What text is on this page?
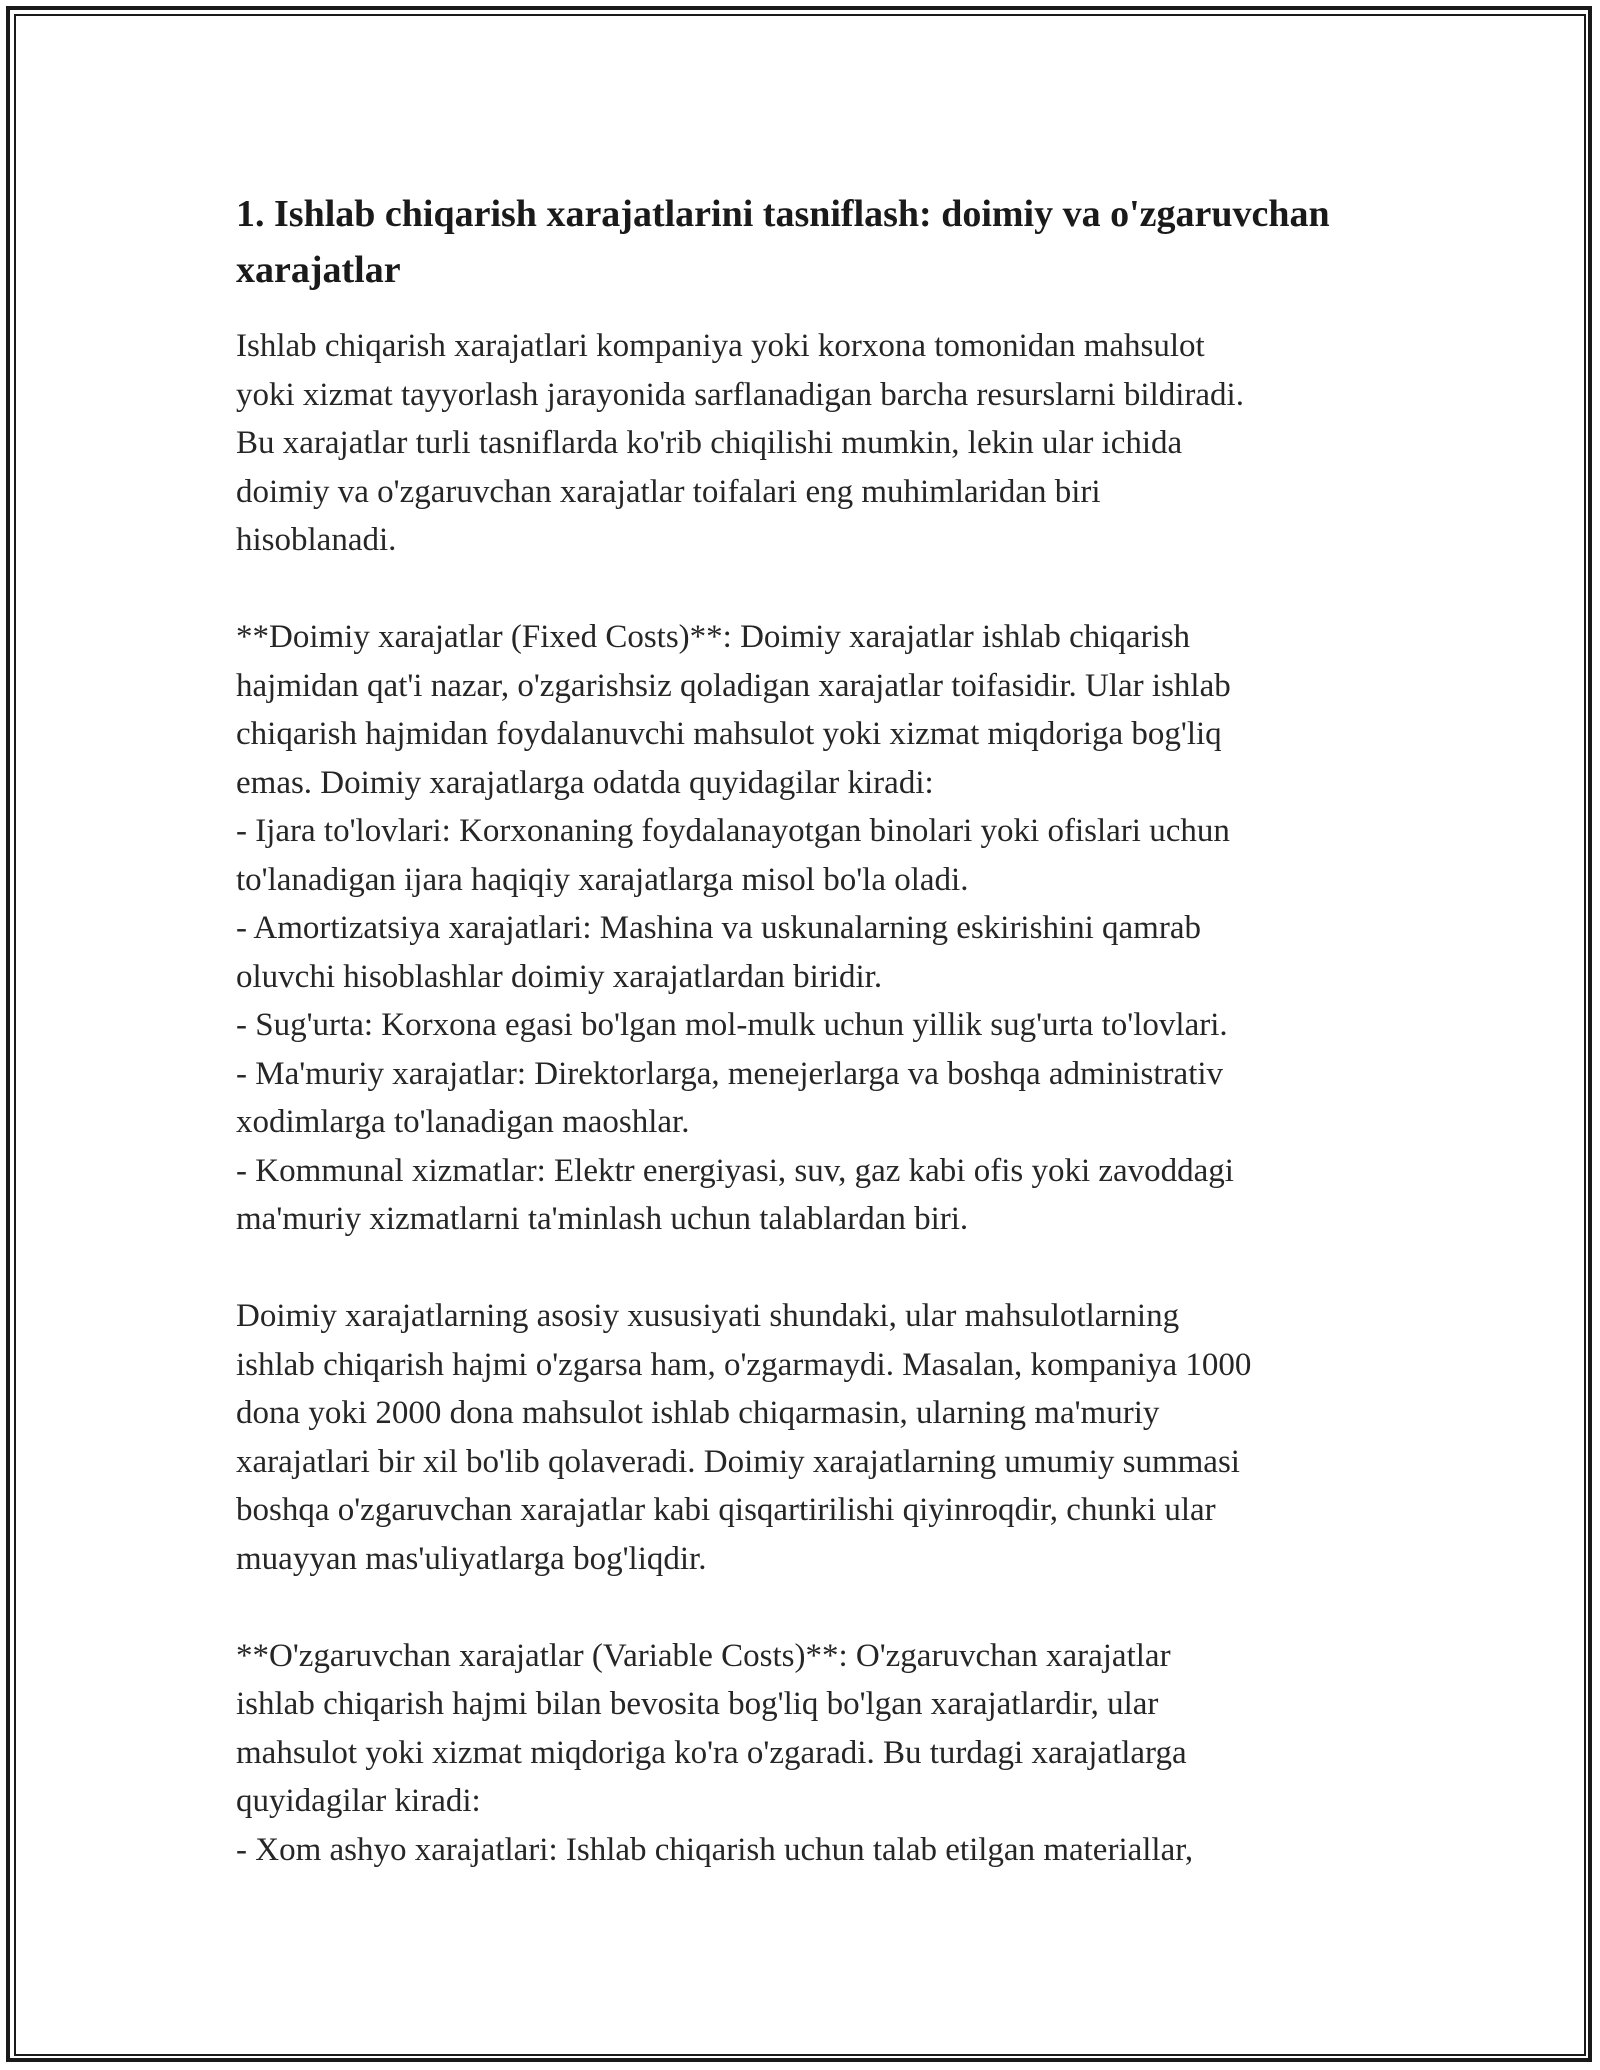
1. Ishlab chiqarish xarajatlarini tasniflash: doimiy va o'zgaruvchan xarajatlar

Ishlab chiqarish xarajatlari kompaniya yoki korxona tomonidan mahsulot
yoki xizmat tayyorlash jarayonida sarflanadigan barcha resurslarni bildiradi.
Bu xarajatlar turli tasniflarda ko'rib chiqilishi mumkin, lekin ular ichida
doimiy va o'zgaruvchan xarajatlar toifalari eng muhimlaridan biri
hisoblanadi.

**Doimiy xarajatlar (Fixed Costs)**: Doimiy xarajatlar ishlab chiqarish
hajmidan qat'i nazar, o'zgarishsiz qoladigan xarajatlar toifasidir. Ular ishlab
chiqarish hajmidan foydalanuvchi mahsulot yoki xizmat miqdoriga bog'liq
emas. Doimiy xarajatlarga odatda quyidagilar kiradi:
- Ijara to'lovlari: Korxonaning foydalanayotgan binolari yoki ofislari uchun
to'lanadigan ijara haqiqiy xarajatlarga misol bo'la oladi.
- Amortizatsiya xarajatlari: Mashina va uskunalarning eskirishini qamrab
oluvchi hisoblashlar doimiy xarajatlardan biridir.
- Sug'urta: Korxona egasi bo'lgan mol-mulk uchun yillik sug'urta to'lovlari.
- Ma'muriy xarajatlar: Direktorlarga, menejerlarga va boshqa administrativ
xodimlarga to'lanadigan maoshlar.
- Kommunal xizmatlar: Elektr energiyasi, suv, gaz kabi ofis yoki zavoddagi
ma'muriy xizmatlarni ta'minlash uchun talablardan biri.

Doimiy xarajatlarning asosiy xususiyati shundaki, ular mahsulotlarning
ishlab chiqarish hajmi o'zgarsa ham, o'zgarmaydi. Masalan, kompaniya 1000
dona yoki 2000 dona mahsulot ishlab chiqarmasin, ularning ma'muriy
xarajatlari bir xil bo'lib qolaveradi. Doimiy xarajatlarning umumiy summasi
boshqa o'zgaruvchan xarajatlar kabi qisqartirilishi qiyinroqdir, chunki ular
muayyan mas'uliyatlarga bog'liqdir.

**O'zgaruvchan xarajatlar (Variable Costs)**: O'zgaruvchan xarajatlar
ishlab chiqarish hajmi bilan bevosita bog'liq bo'lgan xarajatlardir, ular
mahsulot yoki xizmat miqdoriga ko'ra o'zgaradi. Bu turdagi xarajatlarga
quyidagilar kiradi:
- Xom ashyo xarajatlari: Ishlab chiqarish uchun talab etilgan materiallar,
